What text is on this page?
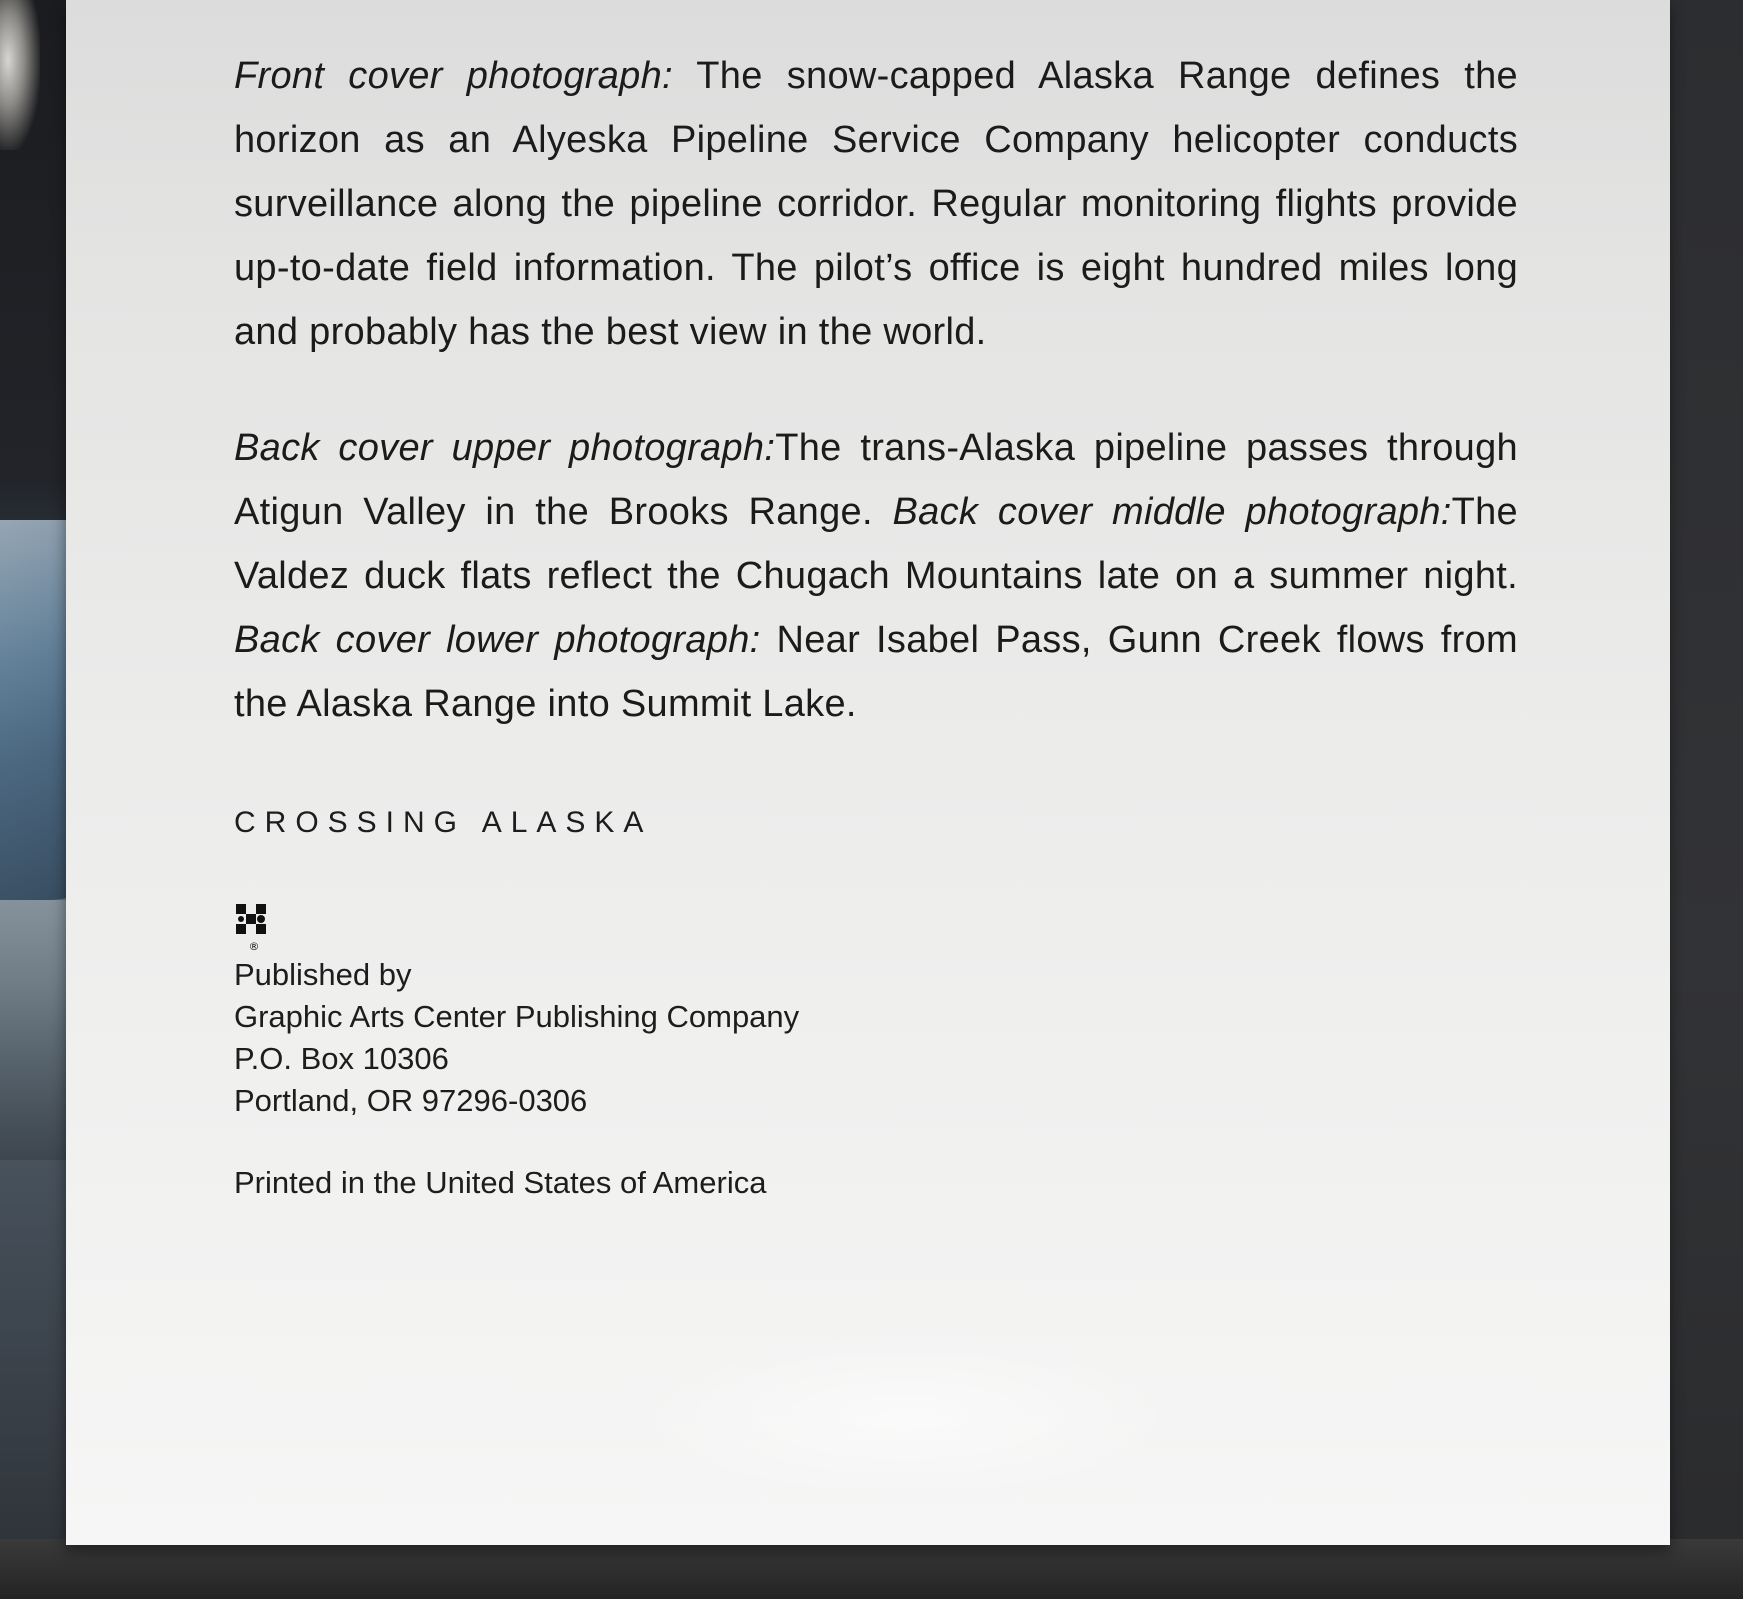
Front cover photograph: The snow-capped Alaska Range defines the horizon as an Alyeska Pipeline Service Company helicopter conducts surveillance along the pipeline corridor. Regular monitoring flights provide up-to-date field information. The pilot’s office is eight hundred miles long and probably has the best view in the world.

Back cover upper photograph:The trans-Alaska pipeline passes through Atigun Valley in the Brooks Range. Back cover middle photograph:The Valdez duck flats reflect the Chugach Mountains late on a summer night. Back cover lower photograph: Near Isabel Pass, Gunn Creek flows from the Alaska Range into Summit Lake.

CROSSING ALASKA
®
Published by
Graphic Arts Center Publishing Company
P.O. Box 10306
Portland, OR 97296-0306
Printed in the United States of America
